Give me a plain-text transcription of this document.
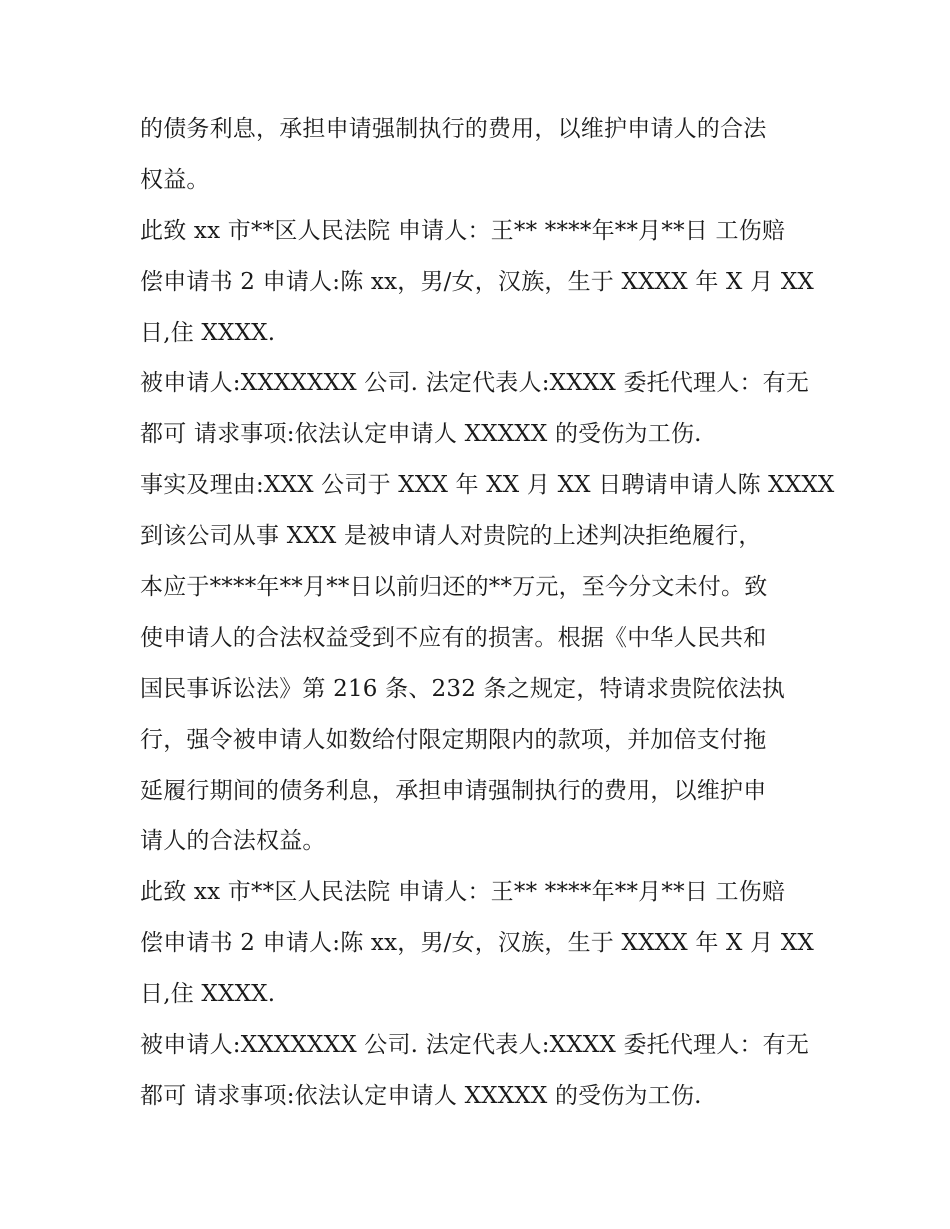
的债务利息，承担申请强制执行的费用，以维护申请人的合法
权益。
此致 xx 市**区人民法院 申请人：王** ****年**月**日 工伤赔
偿申请书 2 申请人:陈 xx，男/女，汉族，生于 XXXX 年 X 月 XX
日,住 XXXX.
被申请人:XXXXXXX 公司. 法定代表人:XXXX 委托代理人：有无
都可 请求事项:依法认定申请人 XXXXX 的受伤为工伤.
事实及理由:XXX 公司于 XXX 年 XX 月 XX 日聘请申请人陈 XXXX
到该公司从事 XXX 是被申请人对贵院的上述判决拒绝履行，
本应于****年**月**日以前归还的**万元，至今分文未付。致
使申请人的合法权益受到不应有的损害。根据《中华人民共和
国民事诉讼法》第 216 条、232 条之规定，特请求贵院依法执
行，强令被申请人如数给付限定期限内的款项，并加倍支付拖
延履行期间的债务利息，承担申请强制执行的费用，以维护申
请人的合法权益。
此致 xx 市**区人民法院 申请人：王** ****年**月**日 工伤赔
偿申请书 2 申请人:陈 xx，男/女，汉族，生于 XXXX 年 X 月 XX
日,住 XXXX.
被申请人:XXXXXXX 公司. 法定代表人:XXXX 委托代理人：有无
都可 请求事项:依法认定申请人 XXXXX 的受伤为工伤.
